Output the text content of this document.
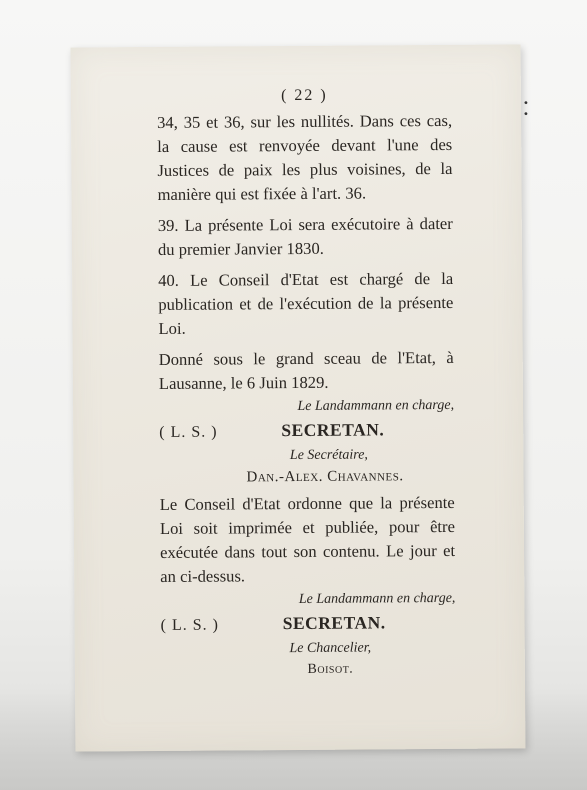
• •
( 22 )

34, 35 et 36, sur les nullités. Dans ces cas, la cause est renvoyée devant l'une des Justices de paix les plus voisines, de la manière qui est fixée à l'art. 36.

39. La présente Loi sera exécutoire à dater du premier Janvier 1830.

40. Le Conseil d'Etat est chargé de la publication et de l'exécution de la présente Loi.

Donné sous le grand sceau de l'Etat, à Lausanne, le 6 Juin 1829.

Le Landammann en charge,
( L. S. )	SECRETAN.
Le Secrétaire,
Dan.-Alex. Chavannes.

Le Conseil d'Etat ordonne que la présente Loi soit imprimée et publiée, pour être exécutée dans tout son contenu. Le jour et an ci-dessus.

Le Landammann en charge,
( L. S. )	SECRETAN.
Le Chancelier,
Boisot.
